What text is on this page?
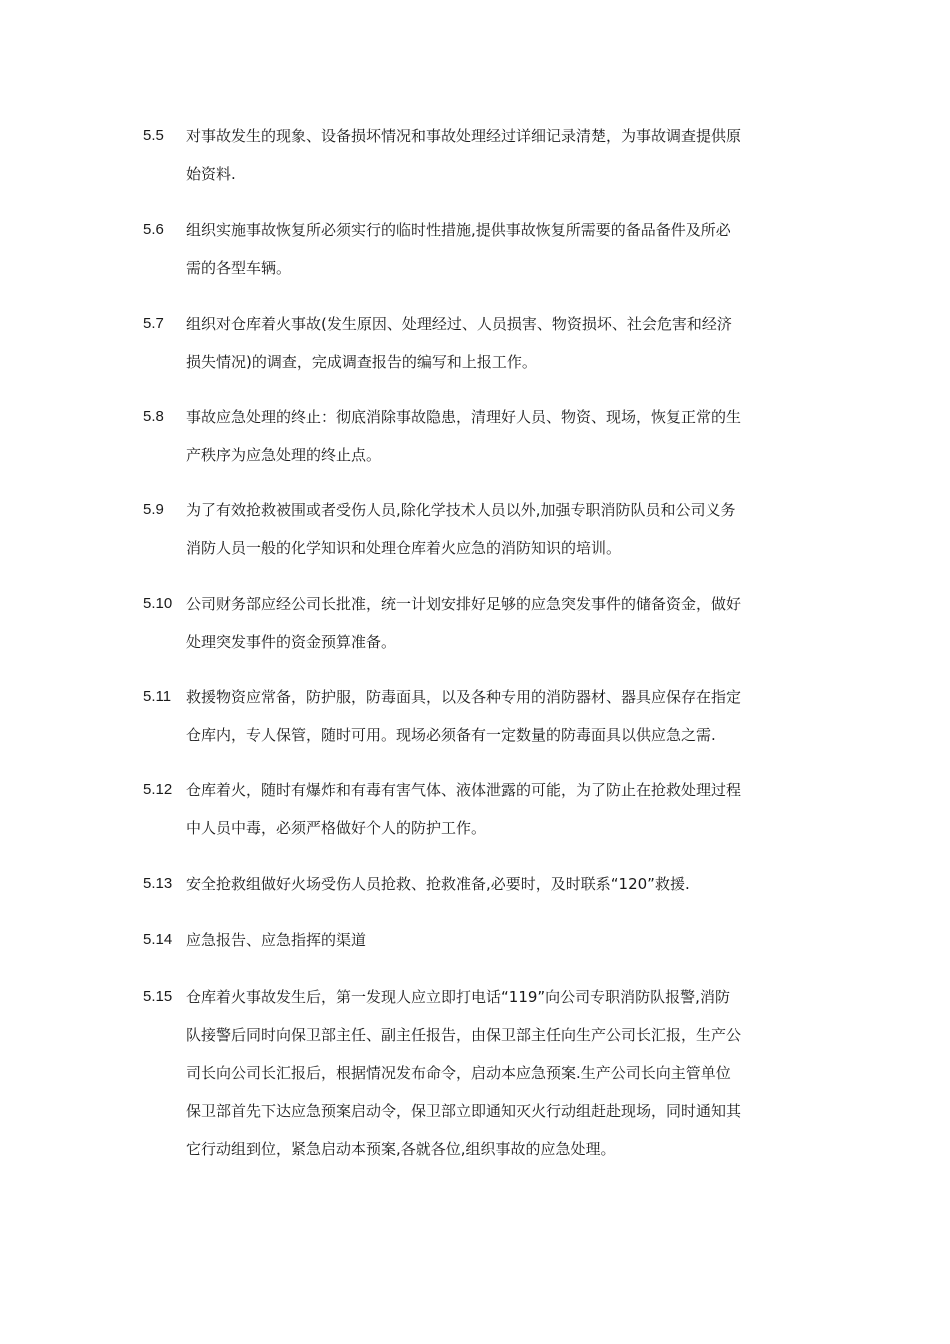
5.5 对事故发生的现象、设备损坏情况和事故处理经过详细记录清楚，为事故调查提供原
始资料.
5.6 组织实施事故恢复所必须实行的临时性措施,提供事故恢复所需要的备品备件及所必
需的各型车辆。
5.7 组织对仓库着火事故(发生原因、处理经过、人员损害、物资损坏、社会危害和经济
损失情况)的调查，完成调查报告的编写和上报工作。
5.8 事故应急处理的终止：彻底消除事故隐患，清理好人员、物资、现场，恢复正常的生
产秩序为应急处理的终止点。
5.9 为了有效抢救被围或者受伤人员,除化学技术人员以外,加强专职消防队员和公司义务
消防人员一般的化学知识和处理仓库着火应急的消防知识的培训。
5.10 公司财务部应经公司长批准，统一计划安排好足够的应急突发事件的储备资金，做好
处理突发事件的资金预算准备。
5.11 救援物资应常备，防护服，防毒面具，以及各种专用的消防器材、器具应保存在指定
仓库内，专人保管，随时可用。现场必须备有一定数量的防毒面具以供应急之需.
5.12 仓库着火，随时有爆炸和有毒有害气体、液体泄露的可能，为了防止在抢救处理过程
中人员中毒，必须严格做好个人的防护工作。
5.13 安全抢救组做好火场受伤人员抢救、抢救准备,必要时，及时联系“120”救援.
5.14 应急报告、应急指挥的渠道
5.15 仓库着火事故发生后，第一发现人应立即打电话“119”向公司专职消防队报警,消防
队接警后同时向保卫部主任、副主任报告，由保卫部主任向生产公司长汇报，生产公
司长向公司长汇报后，根据情况发布命令，启动本应急预案.生产公司长向主管单位
保卫部首先下达应急预案启动令，保卫部立即通知灭火行动组赶赴现场，同时通知其
它行动组到位，紧急启动本预案,各就各位,组织事故的应急处理。
